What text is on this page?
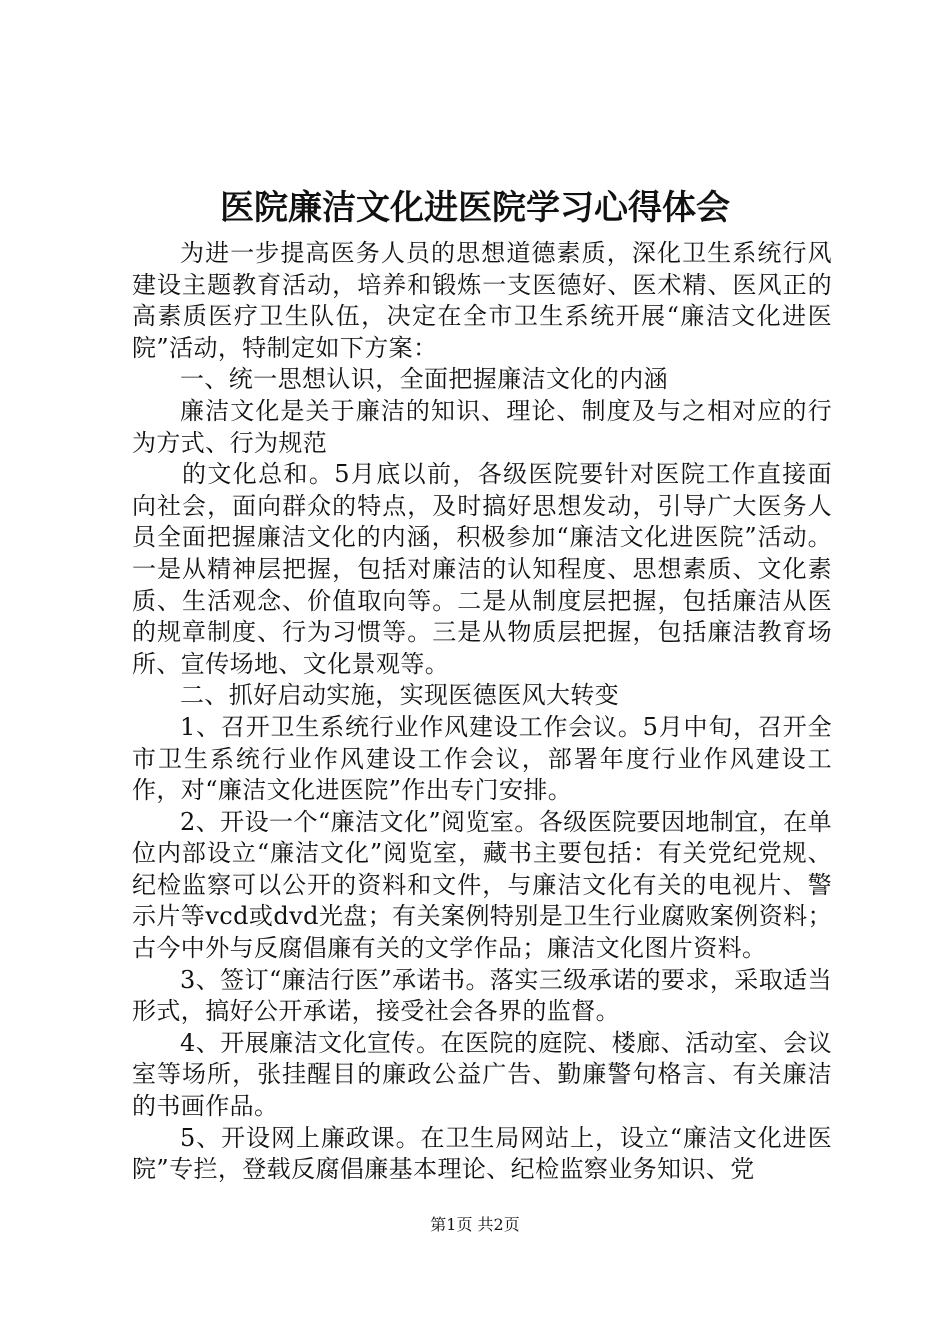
医院廉洁文化进医院学习心得体会

为进一步提高医务人员的思想道德素质，深化卫生系统行风建设主题教育活动，培养和锻炼一支医德好、医术精、医风正的高素质医疗卫生队伍，决定在全市卫生系统开展“廉洁文化进医院”活动，特制定如下方案：

一、统一思想认识，全面把握廉洁文化的内涵

廉洁文化是关于廉洁的知识、理论、制度及与之相对应的行为方式、行为规范

的文化总和。5月底以前，各级医院要针对医院工作直接面向社会，面向群众的特点，及时搞好思想发动，引导广大医务人员全面把握廉洁文化的内涵，积极参加“廉洁文化进医院”活动。一是从精神层把握，包括对廉洁的认知程度、思想素质、文化素质、生活观念、价值取向等。二是从制度层把握，包括廉洁从医的规章制度、行为习惯等。三是从物质层把握，包括廉洁教育场所、宣传场地、文化景观等。

二、抓好启动实施，实现医德医风大转变

1、召开卫生系统行业作风建设工作会议。5月中旬，召开全市卫生系统行业作风建设工作会议，部署年度行业作风建设工作，对“廉洁文化进医院”作出专门安排。

2、开设一个“廉洁文化”阅览室。各级医院要因地制宜，在单位内部设立“廉洁文化”阅览室，藏书主要包括：有关党纪党规、纪检监察可以公开的资料和文件，与廉洁文化有关的电视片、警示片等vcd或dvd光盘；有关案例特别是卫生行业腐败案例资料；古今中外与反腐倡廉有关的文学作品；廉洁文化图片资料。

3、签订“廉洁行医”承诺书。落实三级承诺的要求，采取适当形式，搞好公开承诺，接受社会各界的监督。

4、开展廉洁文化宣传。在医院的庭院、楼廊、活动室、会议室等场所，张挂醒目的廉政公益广告、勤廉警句格言、有关廉洁的书画作品。

5、开设网上廉政课。在卫生局网站上，设立“廉洁文化进医院”专拦，登载反腐倡廉基本理论、纪检监察业务知识、党

第1页 共2页
